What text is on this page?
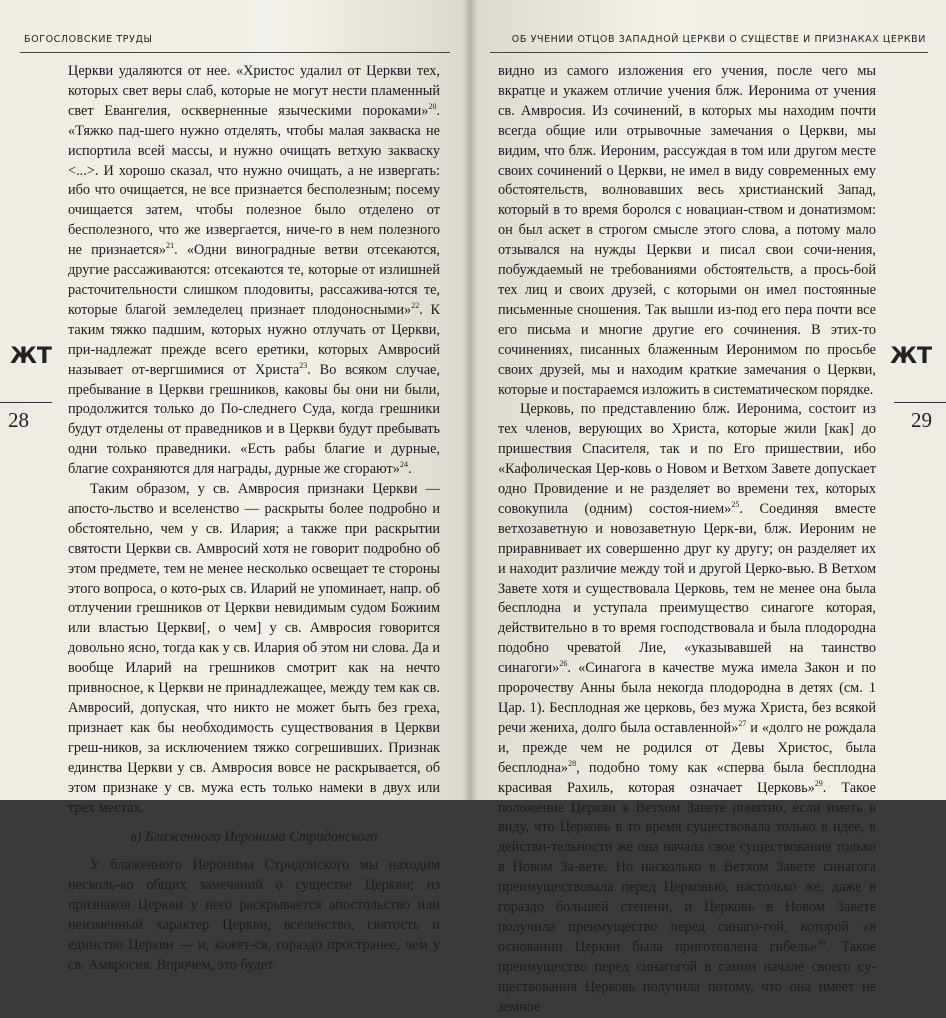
БОГОСЛОВСКИЕ ТРУДЫ
ЖТ
28

Церкви удаляются от нее. «Христос удалил от Церкви тех, которых свет веры слаб, которые не могут нести пламенный свет Евангелия, оскверненные языческими пороками»$^{20}$. «Тяжко пад-шего нужно отделять, чтобы малая закваска не испортила всей массы, и нужно очищать ветхую закваску <...>. И хорошо сказал, что нужно очищать, а не извергать: ибо что очищается, не все признается бесполезным; посему очищается затем, чтобы полезное было отделено от бесполезного, что же извергается, ниче-го в нем полезного не признается»$^{21}$. «Одни виноградные ветви отсекаются, другие рассаживаются: отсекаются те, которые от излишней расточительности слишком плодовиты, рассажива-ются те, которые благой земледелец признает плодоносными»$^{22}$. К таким тяжко падшим, которых нужно отлучать от Церкви, при-надлежат прежде всего еретики, которых Амвросий называет от-вергшимися от Христа$^{23}$. Во всяком случае, пребывание в Церкви грешников, каковы бы они ни были, продолжится только до По-следнего Суда, когда грешники будут отделены от праведников и в Церкви будут пребывать одни только праведники. «Есть рабы благие и дурные, благие сохраняются для награды, дурные же сгорают»$^{24}$.

Таким образом, у св. Амвросия признаки Церкви — апосто-льство и вселенство — раскрыты более подробно и обстоятельно, чем у св. Илария; а также при раскрытии святости Церкви св. Амвросий хотя не говорит подробно об этом предмете, тем не менее несколько освещает те стороны этого вопроса, о кото-рых св. Иларий не упоминает, напр. об отлучении грешников от Церкви невидимым судом Божиим или властью Церкви[, о чем] у св. Амвросия говорится довольно ясно, тогда как у св. Илария об этом ни слова. Да и вообще Иларий на грешников смотрит как на нечто привносное, к Церкви не принадлежащее, между тем как св. Амвросий, допуская, что никто не может быть без греха, признает как бы необходимость существования в Церкви греш-ников, за исключением тяжко согрешивших. Признак единства Церкви у св. Амвросия вовсе не раскрывается, об этом признаке у св. мужа есть только намеки в двух или трех местах.

в) Блаженного Иеронима Стридонского

У блаженного Иеронима Стридонского мы находим несколь-ко общих замечаний о существе Церкви; из признаков Церкви у него раскрывается апостольство или неизменный характер Церкви, вселенство, святость и единство Церкви — и, кажет-ся, гораздо пространее, чем у св. Амвросия. Впрочем, это будет

ОБ УЧЕНИИ ОТЦОВ ЗАПАДНОЙ ЦЕРКВИ О СУЩЕСТВЕ И ПРИЗНАКАХ ЦЕРКВИ
ЖТ
29

видно из самого изложения его учения, после чего мы вкратце и укажем отличие учения блж. Иеронима от учения св. Амвросия. Из сочинений, в которых мы находим почти всегда общие или отрывочные замечания о Церкви, мы видим, что блж. Иероним, рассуждая в том или другом месте своих сочинений о Церкви, не имел в виду современных ему обстоятельств, волновавших весь христианский Запад, который в то время боролся с новациан-ством и донатизмом: он был аскет в строгом смысле этого слова, а потому мало отзывался на нужды Церкви и писал свои сочи-нения, побуждаемый не требованиями обстоятельств, а прось-бой тех лиц и своих друзей, с которыми он имел постоянные письменные сношения. Так вышли из-под его пера почти все его письма и многие другие его сочинения. В этих-то сочинениях, писанных блаженным Иеронимом по просьбе своих друзей, мы и находим краткие замечания о Церкви, которые и постараемся изложить в систематическом порядке.

Церковь, по представлению блж. Иеронима, состоит из тех членов, верующих во Христа, которые жили [как] до пришествия Спасителя, так и по Его пришествии, ибо «Кафолическая Цер-ковь о Новом и Ветхом Завете допускает одно Провидение и не разделяет во времени тех, которых совокупила (одним) состоя-нием»$^{25}$. Соединяя вместе ветхозаветную и новозаветную Церк-ви, блж. Иероним не приравнивает их совершенно друг ку другу; он разделяет их и находит различие между той и другой Церко-вью. В Ветхом Завете хотя и существовала Церковь, тем не менее она была бесплодна и уступала преимущество синагоге которая, действительно в то время господствовала и была плодородна подобно чреватой Лие, «указывавшей на таинство синагоги»$^{26}$. «Синагога в качестве мужа имела Закон и по пророчеству Анны была некогда плодородна в детях (см. 1 Цар. 1). Бесплодная же церковь, без мужа Христа, без всякой речи жениха, долго была оставленной»$^{27}$ и «долго не рождала и, прежде чем не родился от Девы Христос, была бесплодна»$^{28}$, подобно тому как «сперва была бесплодна красивая Рахиль, которая означает Церковь»$^{29}$. Такое положение Церкви в Ветхом Завете понятно, если иметь в виду, что Церковь в то время существовала только в идее, в действи-тельности же она начала свое существование только в Новом За-вете. Но насколько в Ветхом Завете синагога преимуществовала перед Церковью, настолько же, даже в гораздо большей степени, и Церковь в Новом Завете получила преимущество перед синаго-гой, которой «в основании Церкви была приготовлена гибель»$^{30}$. Такое преимущество перед синагогой в самом начале своего су-ществования Церковь получила потому, что она имеет не земное
